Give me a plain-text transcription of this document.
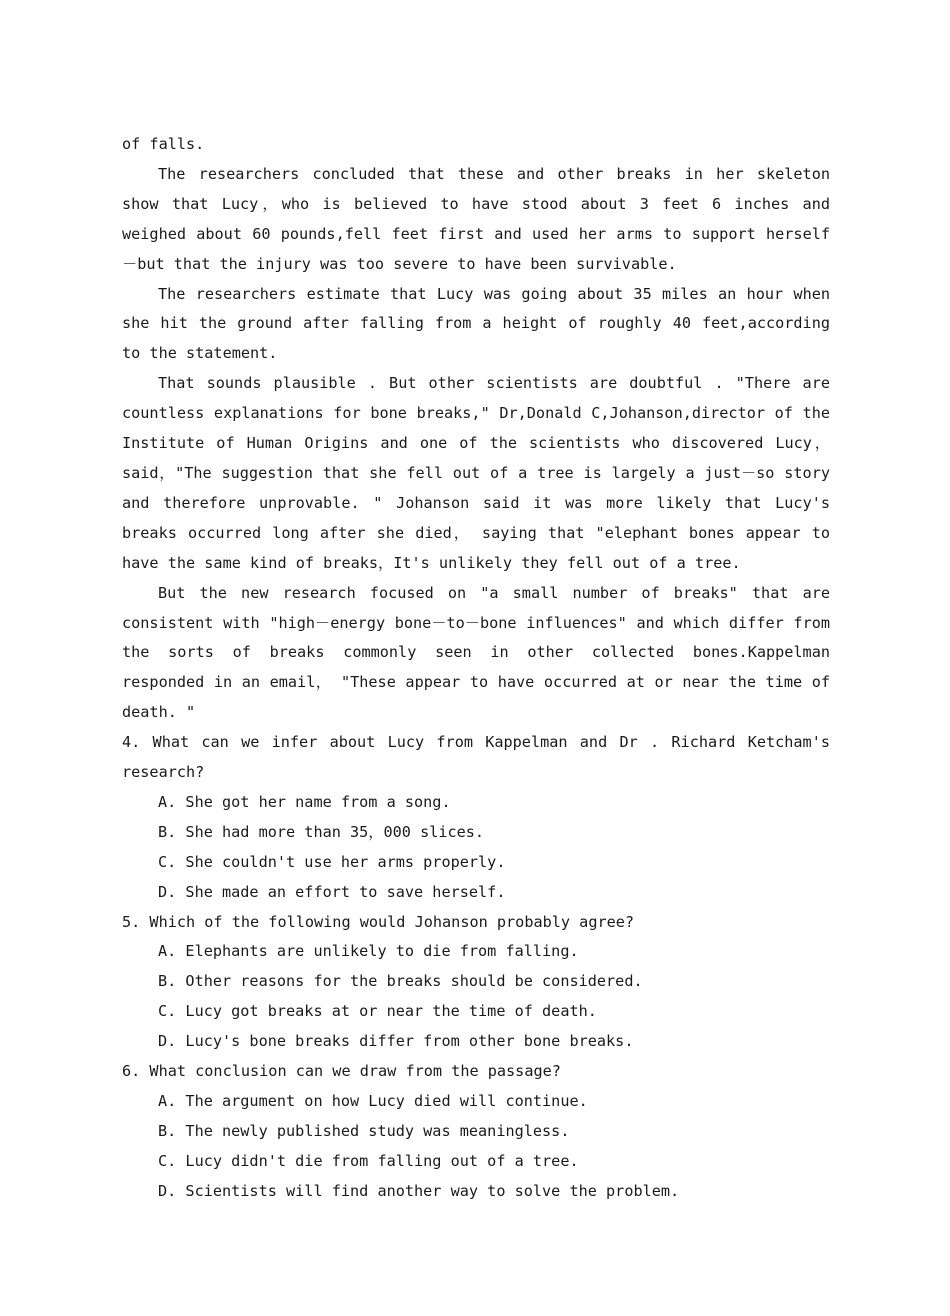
of falls.

The researchers concluded that these and other breaks in her skeleton show that Lucy，who is believed to have stood about 3 feet 6 inches and weighed about 60 pounds,fell feet first and used her arms to support herself－but that the injury was too severe to have been survivable.

The researchers estimate that Lucy was going about 35 miles an hour when she hit the ground after falling from a height of roughly 40 feet,according to the statement.

That sounds plausible . But other scientists are doubtful . "There are countless explanations for bone breaks," Dr,Donald C,Johanson,director of the Institute of Human Origins and one of the scientists who discovered Lucy，said，"The suggestion that she fell out of a tree is largely a just－so story and therefore unprovable. " Johanson said it was more likely that Lucy's breaks occurred long after she died， saying that "elephant bones appear to have the same kind of breaks，It's unlikely they fell out of a tree.

But the new research focused on "a small number of breaks" that are consistent with "high－energy bone－to－bone influences" and which differ from the sorts of breaks commonly seen in other collected bones.Kappelman responded in an email， "These appear to have occurred at or near the time of death. "

4. What can we infer about Lucy from Kappelman and Dr . Richard Ketcham's research?

A. She got her name from a song.
B. She had more than 35，000 slices.
C. She couldn't use her arms properly.
D. She made an effort to save herself.

5. Which of the following would Johanson probably agree?

A. Elephants are unlikely to die from falling.
B. Other reasons for the breaks should be considered.
C. Lucy got breaks at or near the time of death.
D. Lucy's bone breaks differ from other bone breaks.

6. What conclusion can we draw from the passage?

A. The argument on how Lucy died will continue.
B. The newly published study was meaningless.
C. Lucy didn't die from falling out of a tree.
D. Scientists will find another way to solve the problem.
